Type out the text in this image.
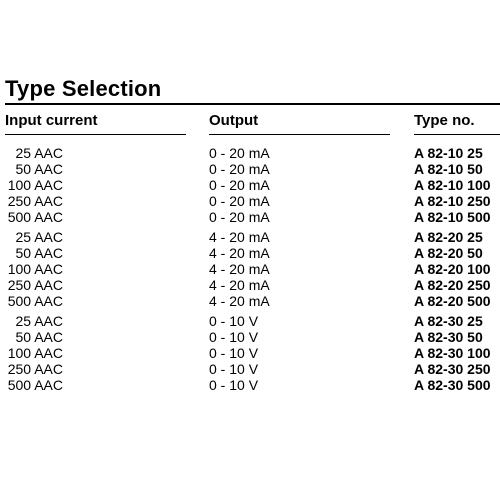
Type Selection
Input current	Output	Type no.
25 AAC	0 - 20 mA	A 82-10 25
50 AAC	0 - 20 mA	A 82-10 50
100 AAC	0 - 20 mA	A 82-10 100
250 AAC	0 - 20 mA	A 82-10 250
500 AAC	0 - 20 mA	A 82-10 500
25 AAC	4 - 20 mA	A 82-20 25
50 AAC	4 - 20 mA	A 82-20 50
100 AAC	4 - 20 mA	A 82-20 100
250 AAC	4 - 20 mA	A 82-20 250
500 AAC	4 - 20 mA	A 82-20 500
25 AAC	0 - 10 V	A 82-30 25
50 AAC	0 - 10 V	A 82-30 50
100 AAC	0 - 10 V	A 82-30 100
250 AAC	0 - 10 V	A 82-30 250
500 AAC	0 - 10 V	A 82-30 500
